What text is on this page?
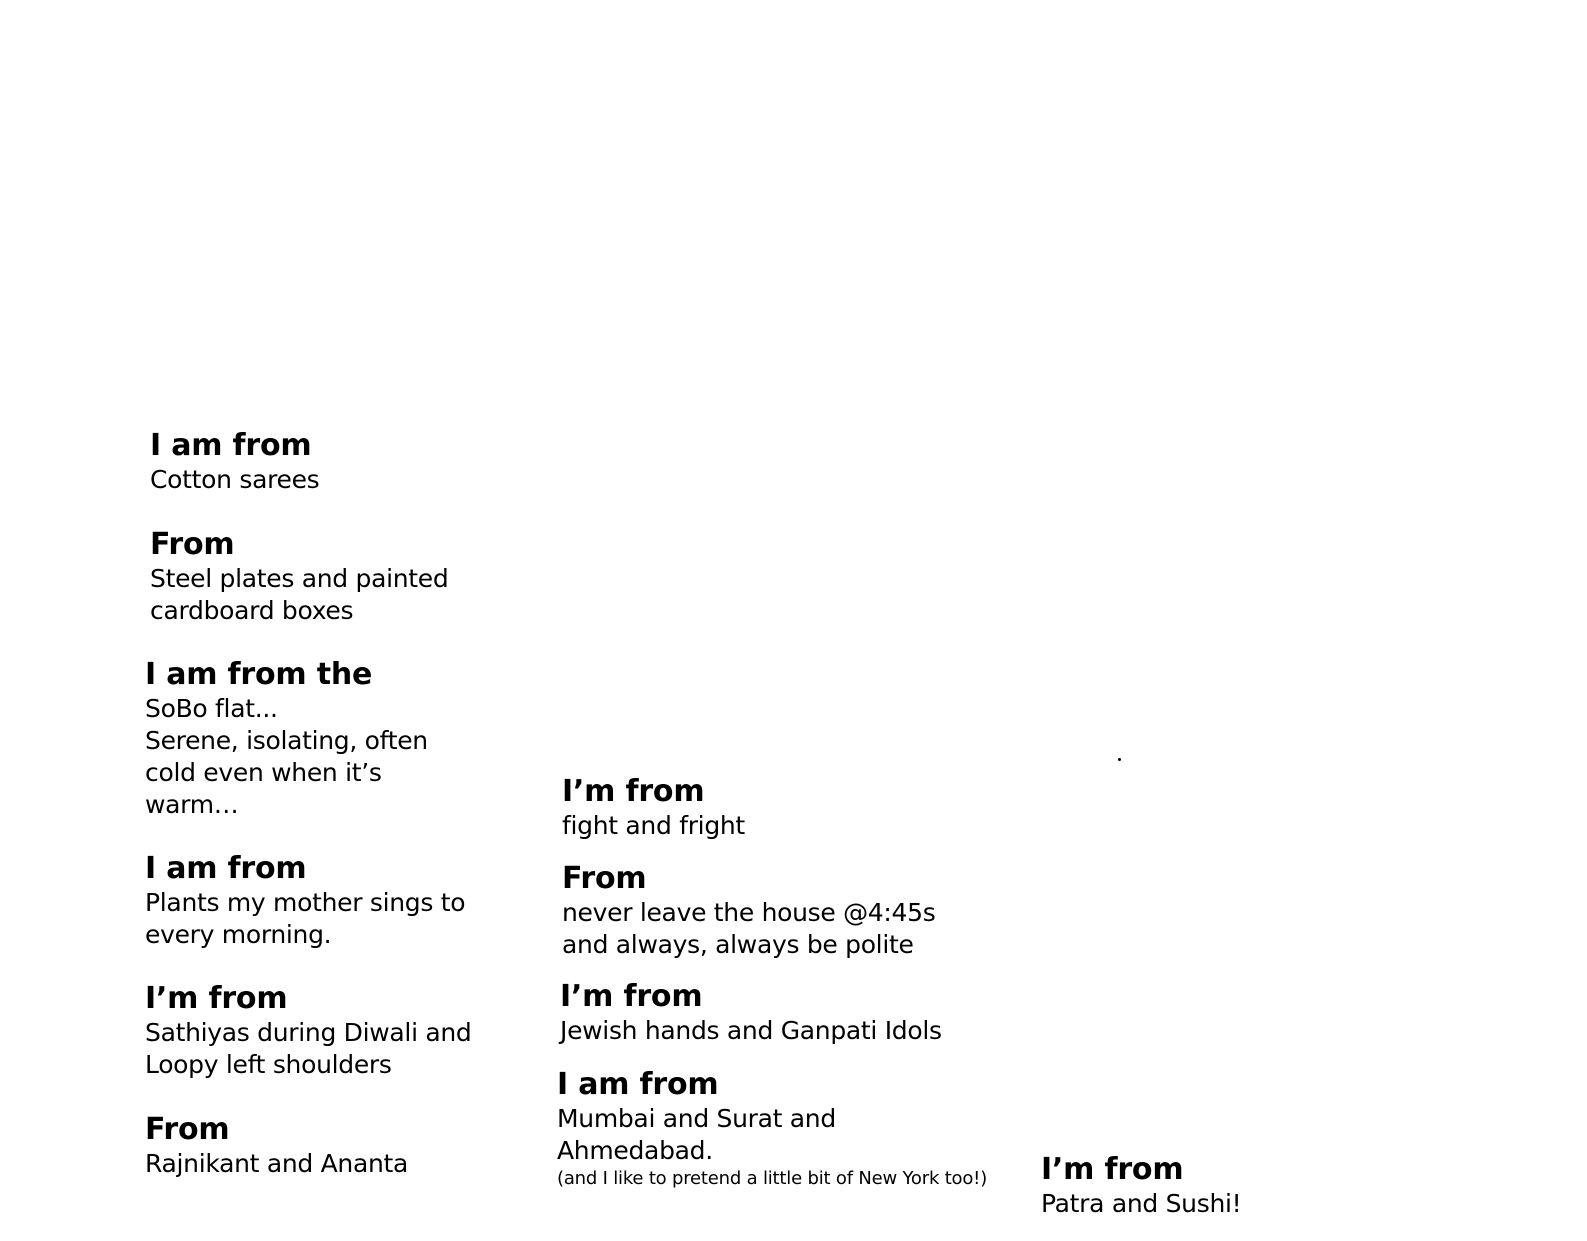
I am from

Cotton sarees

From

Steel plates and painted

cardboard boxes

I am from the

SoBo flat...

Serene, isolating, often

cold even when it’s

warm…

I am from

Plants my mother sings to

every morning.

I’m from

Sathiyas during Diwali and

Loopy left shoulders

From

Rajnikant and Ananta

I’m from

fight and fright

From

never leave the house @4:45s

and always, always be polite

I’m from

Jewish hands and Ganpati Idols

I am from

Mumbai and Surat and

Ahmedabad.

(and I like to pretend a little bit of New York too!) I’m from

Patra and Sushi!
